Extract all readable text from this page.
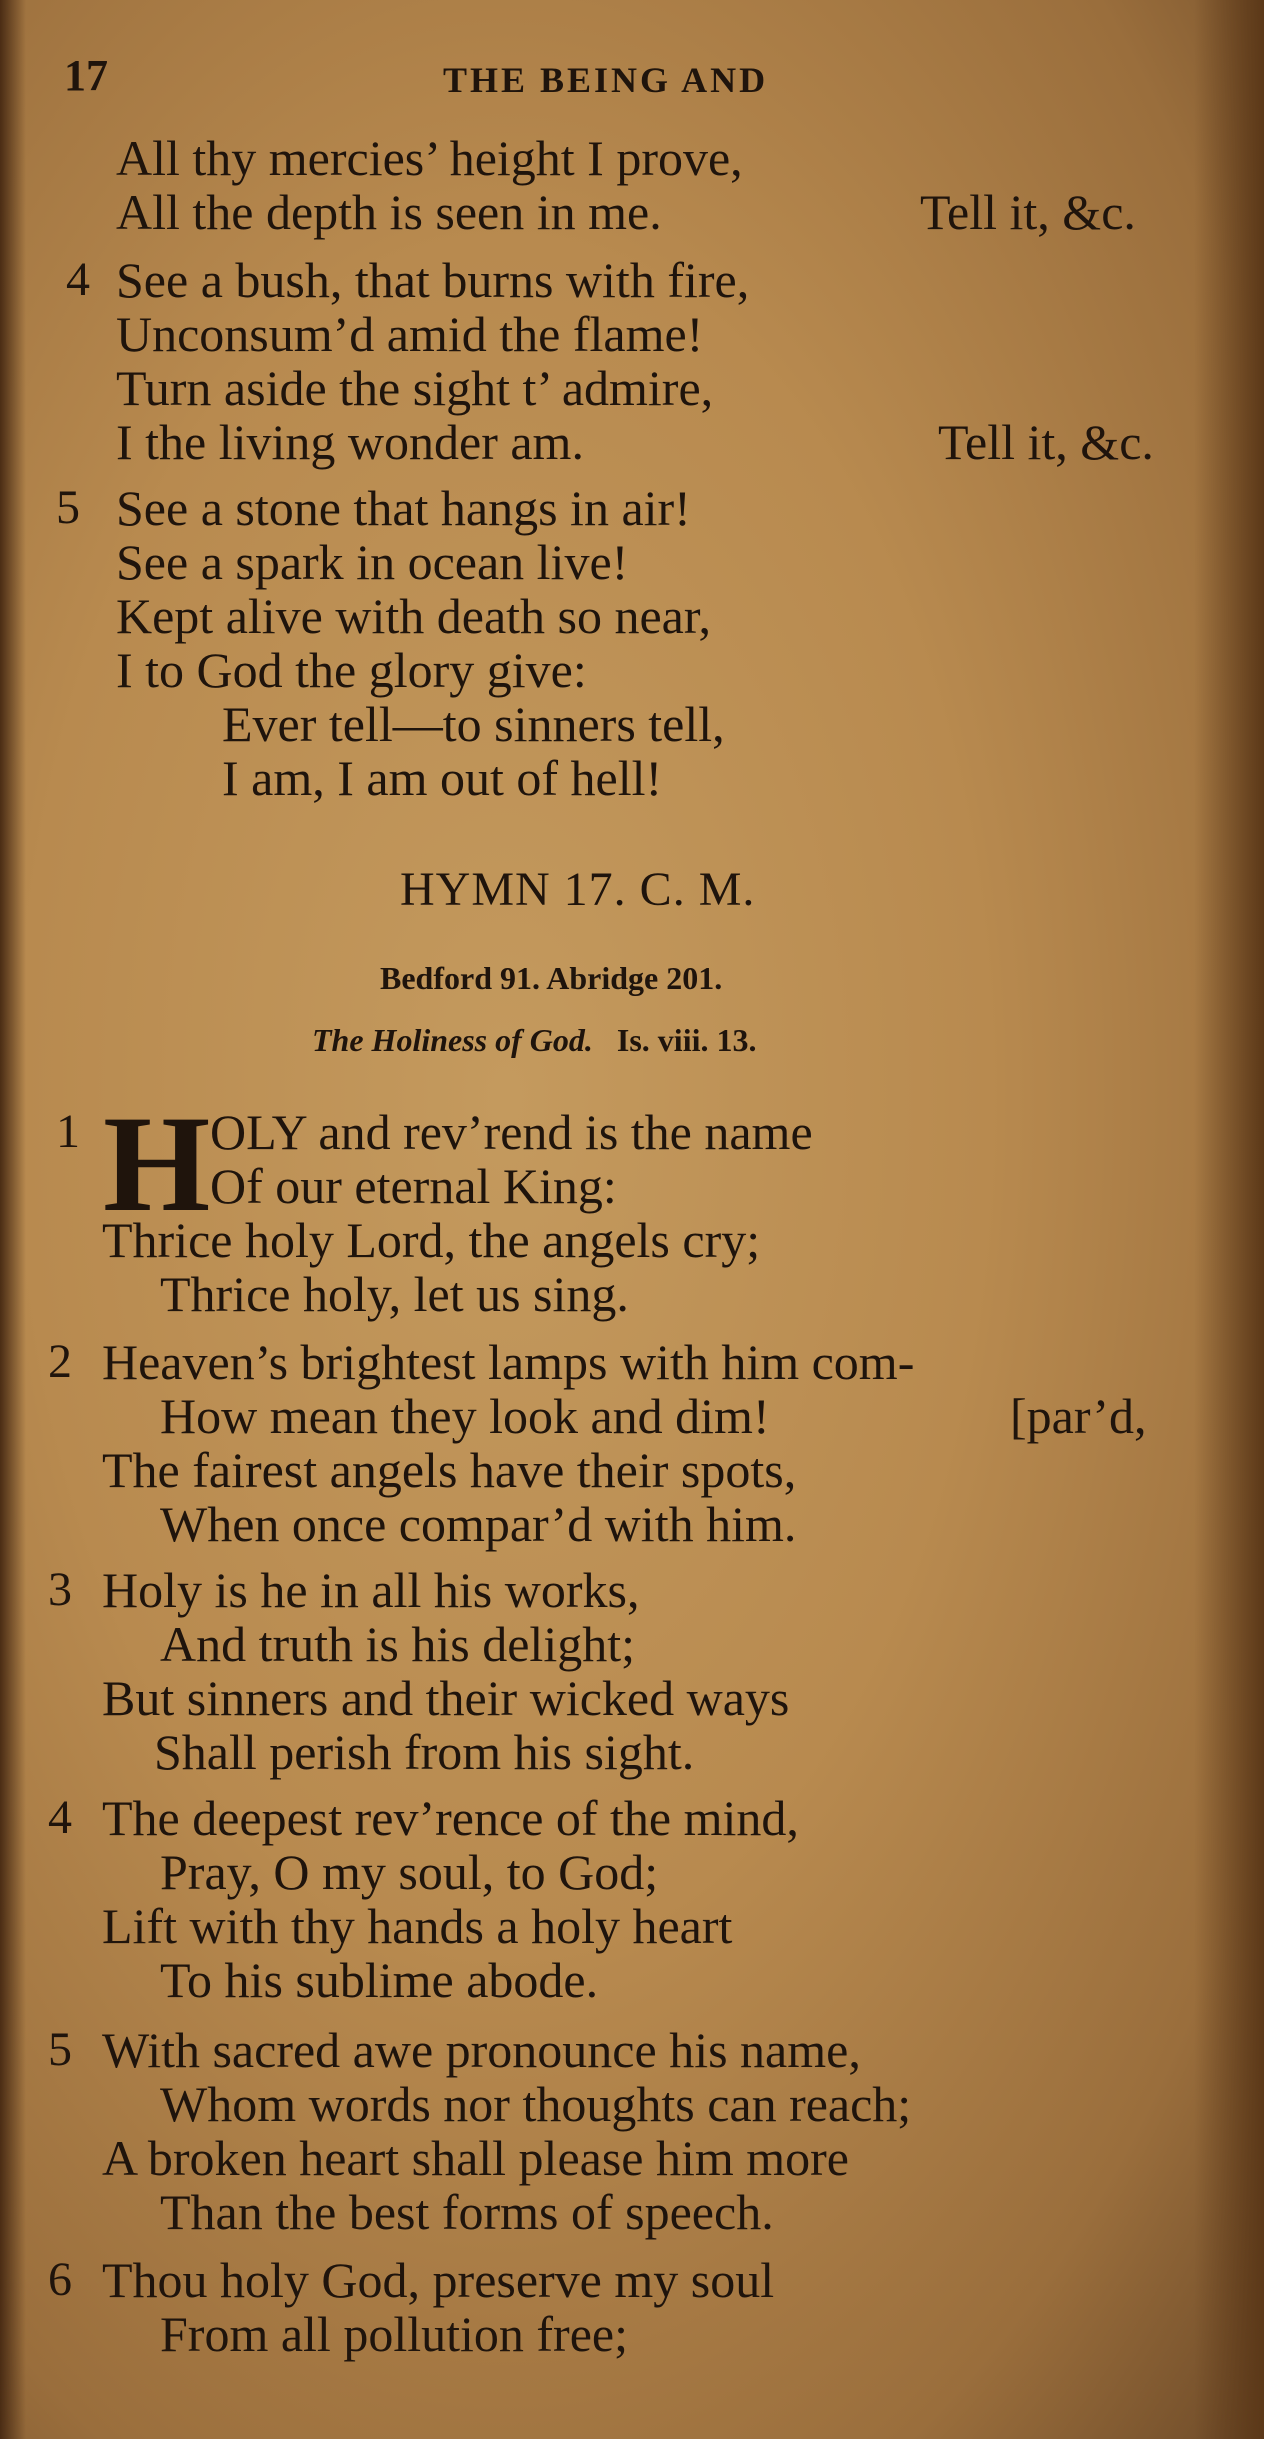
17	THE BEING AND
All thy mercies’ height I prove,
All the depth is seen in me.	Tell it, &c.
4 See a bush, that burns with fire,
Unconsum’d amid the flame!
Turn aside the sight t’ admire,
I the living wonder am.	Tell it, &c.
5 See a stone that hangs in air!
See a spark in ocean live!
Kept alive with death so near,
I to God the glory give:
Ever tell—to sinners tell,
I am, I am out of hell!
HYMN 17. C. M.
Bedford 91. Abridge 201.
The Holiness of God. Is. viii. 13.
1 H OLY and rev’rend is the name
Of our eternal King:
Thrice holy Lord, the angels cry;
Thrice holy, let us sing.
2 Heaven’s brightest lamps with him com-
How mean they look and dim!	[par’d,
The fairest angels have their spots,
When once compar’d with him.
3 Holy is he in all his works,
And truth is his delight;
But sinners and their wicked ways
Shall perish from his sight.
4 The deepest rev’rence of the mind,
Pray, O my soul, to God;
Lift with thy hands a holy heart
To his sublime abode.
5 With sacred awe pronounce his name,
Whom words nor thoughts can reach;
A broken heart shall please him more
Than the best forms of speech.
6 Thou holy God, preserve my soul
From all pollution free;
